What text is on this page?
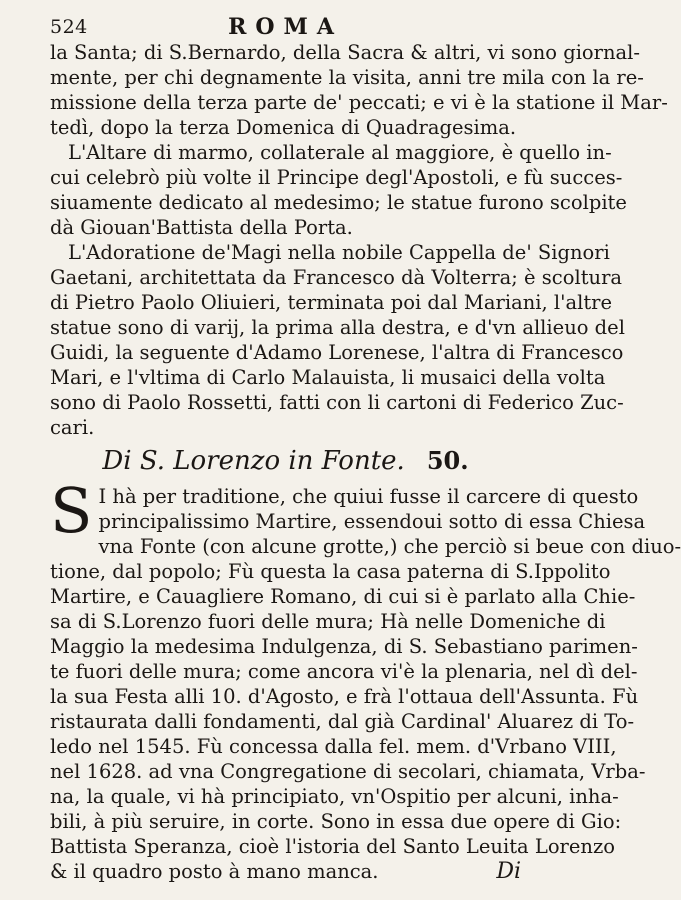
524	ROMA
la Santa; di S.Bernardo, della Sacra & altri, vi sono giornal-
mente, per chi degnamente la visita, anni tre mila con la re-
missione della terza parte de' peccati; e vi è la statione il Mar-
tedì, dopo la terza Domenica di Quadragesima.
L'Altare di marmo, collaterale al maggiore, è quello in-
cui celebrò più volte il Principe degl'Apostoli, e fù succes-
siuamente dedicato al medesimo; le statue furono scolpite
dà Giouan'Battista della Porta.
L'Adoratione de'Magi nella nobile Cappella de' Signori
Gaetani, architettata da Francesco dà Volterra; è scoltura
di Pietro Paolo Oliuieri, terminata poi dal Mariani, l'altre
statue sono di varij, la prima alla destra, e d'vn allieuo del
Guidi, la seguente d'Adamo Lorenese, l'altra di Francesco
Mari, e l'vltima di Carlo Malauista, li musaici della volta
sono di Paolo Rossetti, fatti con li cartoni di Federico Zuc-
cari.
Di S. Lorenzo in Fonte. 50.
S I hà per traditione, che quiui fusse il carcere di questo
principalissimo Martire, essendoui sotto di essa Chiesa
vna Fonte (con alcune grotte,) che perciò si beue con diuo-
tione, dal popolo; Fù questa la casa paterna di S.Ippolito
Martire, e Cauagliere Romano, di cui si è parlato alla Chie-
sa di S.Lorenzo fuori delle mura; Hà nelle Domeniche di
Maggio la medesima Indulgenza, di S. Sebastiano parimen-
te fuori delle mura; come ancora vi'è la plenaria, nel dì del-
la sua Festa alli 10. d'Agosto, e frà l'ottaua dell'Assunta. Fù
ristaurata dalli fondamenti, dal già Cardinal' Aluarez di To-
ledo nel 1545. Fù concessa dalla fel. mem. d'Vrbano VIII,
nel 1628. ad vna Congregatione di secolari, chiamata, Vrba-
na, la quale, vi hà principiato, vn'Ospitio per alcuni, inha-
bili, à più seruire, in corte. Sono in essa due opere di Gio:
Battista Speranza, cioè l'istoria del Santo Leuita Lorenzo
& il quadro posto à mano manca.	Di
